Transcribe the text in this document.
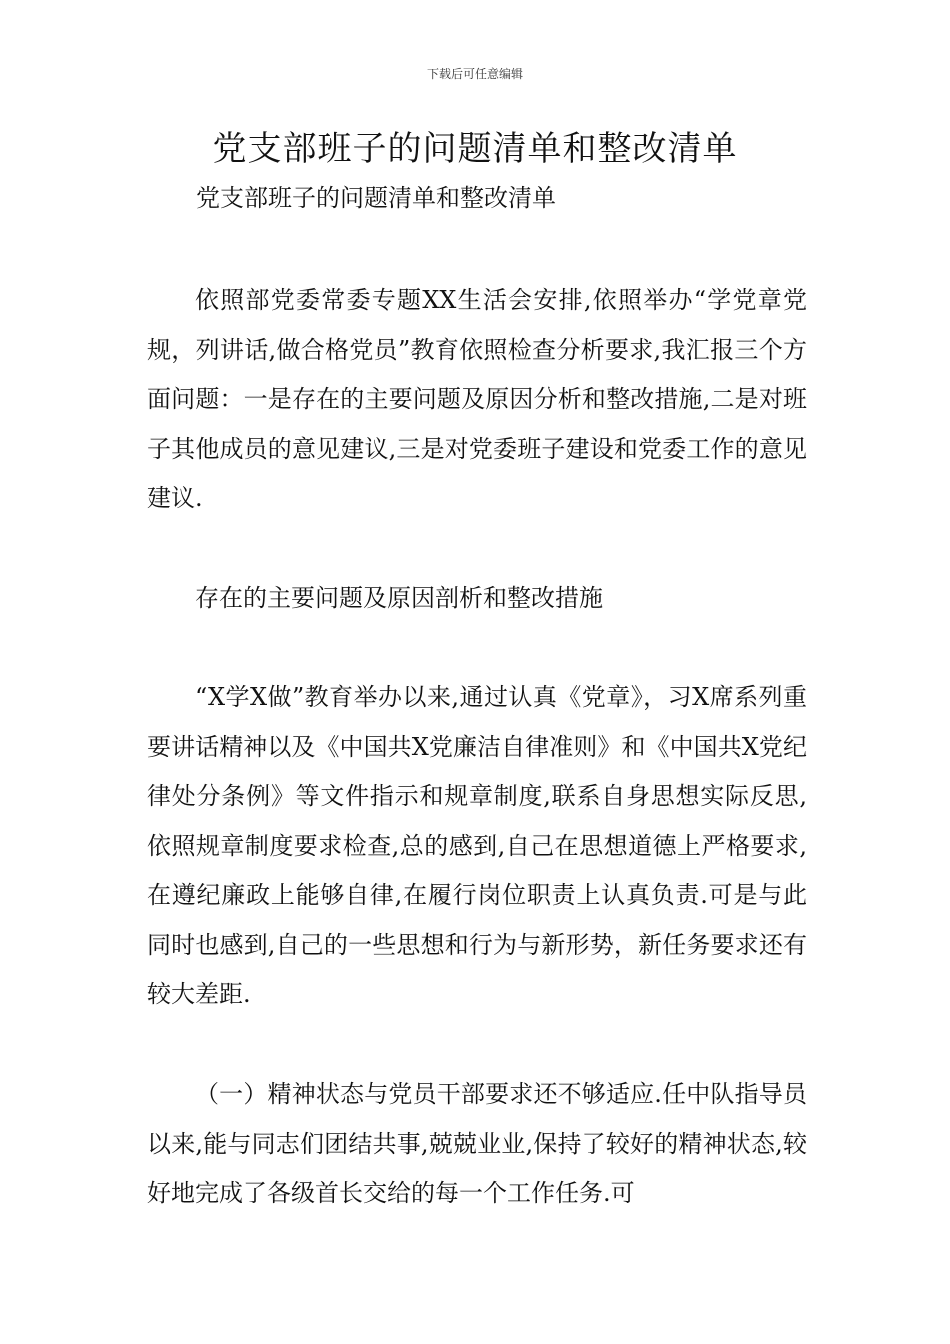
下载后可任意编辑
党支部班子的问题清单和整改清单

党支部班子的问题清单和整改清单

依照部党委常委专题XX生活会安排,依照举办“学党章党规，列讲话,做合格党员”教育依照检查分析要求,我汇报三个方面问题：一是存在的主要问题及原因分析和整改措施,二是对班子其他成员的意见建议,三是对党委班子建设和党委工作的意见建议.

存在的主要问题及原因剖析和整改措施

“X学X做”教育举办以来,通过认真《党章》，习X席系列重要讲话精神以及《中国共X党廉洁自律准则》和《中国共X党纪律处分条例》等文件指示和规章制度,联系自身思想实际反思,依照规章制度要求检查,总的感到,自己在思想道德上严格要求,在遵纪廉政上能够自律,在履行岗位职责上认真负责.可是与此同时也感到,自己的一些思想和行为与新形势，新任务要求还有较大差距.

（一）精神状态与党员干部要求还不够适应.任中队指导员以来,能与同志们团结共事,兢兢业业,保持了较好的精神状态,较好地完成了各级首长交给的每一个工作任务.可
